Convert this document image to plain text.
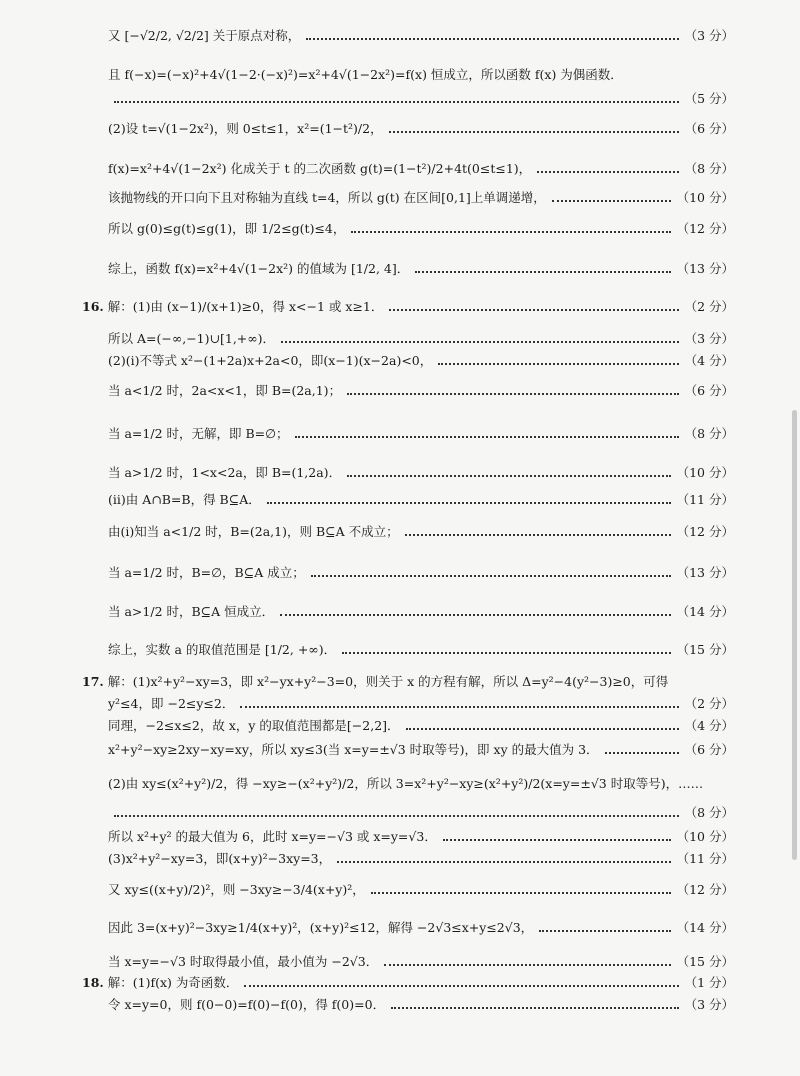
又 [−√2/2, √2/2] 关于原点对称，	（3 分）
且 f(−x)=(−x)²+4√(1−2·(−x)²)=x²+4√(1−2x²)=f(x) 恒成立，所以函数 f(x) 为偶函数．
（5 分）
(2)设 t=√(1−2x²)，则 0≤t≤1，x²=(1−t²)/2，	（6 分）
f(x)=x²+4√(1−2x²) 化成关于 t 的二次函数 g(t)=(1−t²)/2+4t(0≤t≤1)，	（8 分）
该抛物线的开口向下且对称轴为直线 t=4，所以 g(t) 在区间[0,1]上单调递增，	（10 分）
所以 g(0)≤g(t)≤g(1)，即 1/2≤g(t)≤4，	（12 分）
综上，函数 f(x)=x²+4√(1−2x²) 的值域为 [1/2, 4]．	（13 分）
16. 解：(1)由 (x−1)/(x+1)≥0，得 x<−1 或 x≥1．	（2 分）
所以 A=(−∞,−1)∪[1,+∞)．	（3 分）
(2)(i)不等式 x²−(1+2a)x+2a<0，即(x−1)(x−2a)<0，	（4 分）
当 a<1/2 时，2a<x<1，即 B=(2a,1)；	（6 分）
当 a=1/2 时，无解，即 B=∅；	（8 分）
当 a>1/2 时，1<x<2a，即 B=(1,2a)．	（10 分）
(ii)由 A∩B=B，得 B⊆A．	（11 分）
由(i)知当 a<1/2 时，B=(2a,1)，则 B⊆A 不成立；	（12 分）
当 a=1/2 时，B=∅，B⊆A 成立；	（13 分）
当 a>1/2 时，B⊆A 恒成立．	（14 分）
综上，实数 a 的取值范围是 [1/2, +∞)．	（15 分）
17. 解：(1)x²+y²−xy=3，即 x²−yx+y²−3=0，则关于 x 的方程有解，所以 Δ=y²−4(y²−3)≥0，可得
y²≤4，即 −2≤y≤2．	（2 分）
同理，−2≤x≤2，故 x，y 的取值范围都是[−2,2]．	（4 分）
x²+y²−xy≥2xy−xy=xy，所以 xy≤3(当 x=y=±√3 时取等号)，即 xy 的最大值为 3．	（6 分）
(2)由 xy≤(x²+y²)/2，得 −xy≥−(x²+y²)/2，所以 3=x²+y²−xy≥(x²+y²)/2(x=y=±√3 时取等号)，……
（8 分）
所以 x²+y² 的最大值为 6，此时 x=y=−√3 或 x=y=√3．	（10 分）
(3)x²+y²−xy=3，即(x+y)²−3xy=3，	（11 分）
又 xy≤((x+y)/2)²，则 −3xy≥−3/4(x+y)²，	（12 分）
因此 3=(x+y)²−3xy≥1/4(x+y)²，(x+y)²≤12，解得 −2√3≤x+y≤2√3，	（14 分）
当 x=y=−√3 时取得最小值，最小值为 −2√3．	（15 分）
18. 解：(1)f(x) 为奇函数．	（1 分）
令 x=y=0，则 f(0−0)=f(0)−f(0)，得 f(0)=0．	（3 分）
